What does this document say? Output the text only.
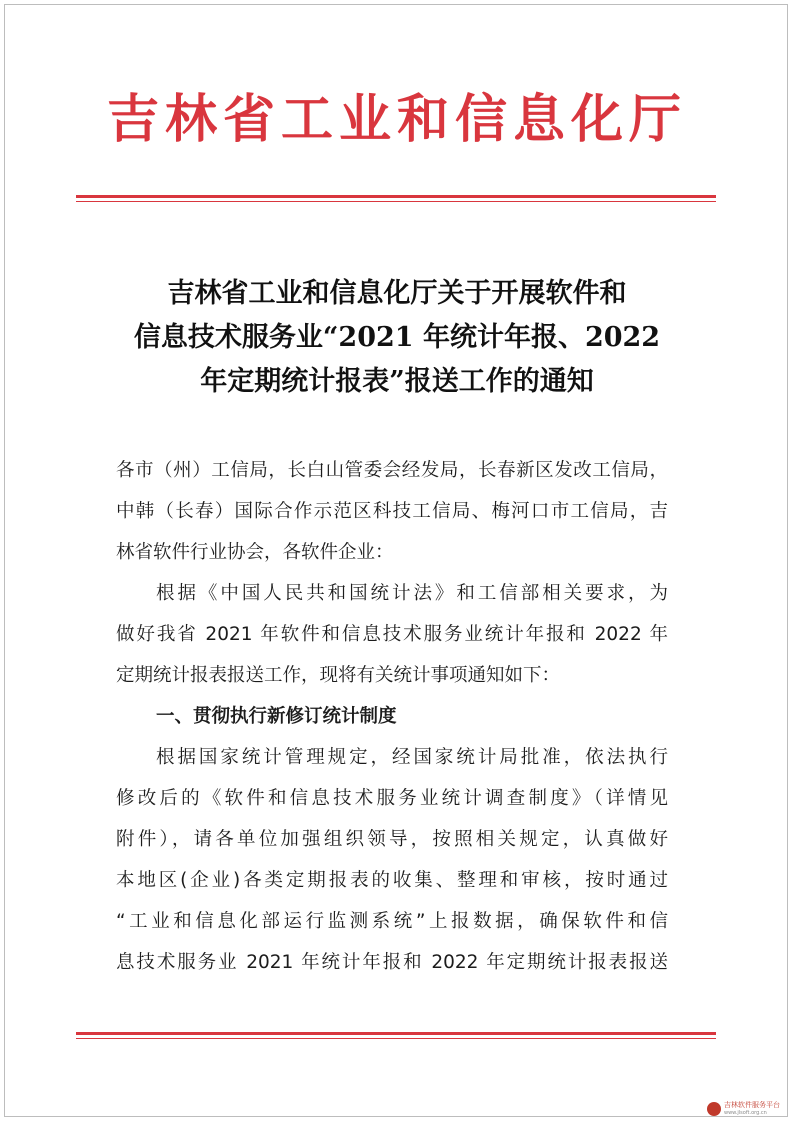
吉林省工业和信息化厅
吉林省工业和信息化厅关于开展软件和
信息技术服务业“2021 年统计年报、2022
年定期统计报表”报送工作的通知
各市（州）工信局，长白山管委会经发局，长春新区发改工信局，
中韩（长春）国际合作示范区科技工信局、梅河口市工信局，吉
林省软件行业协会，各软件企业：
根据《中国人民共和国统计法》和工信部相关要求，为
做好我省 2021 年软件和信息技术服务业统计年报和 2022 年
定期统计报表报送工作，现将有关统计事项通知如下：
一、贯彻执行新修订统计制度
根据国家统计管理规定，经国家统计局批准，依法执行
修改后的《软件和信息技术服务业统计调查制度》（详情见
附件），请各单位加强组织领导，按照相关规定，认真做好
本地区(企业)各类定期报表的收集、整理和审核，按时通过
“工业和信息化部运行监测系统”上报数据，确保软件和信
息技术服务业 2021 年统计年报和 2022 年定期统计报表报送
吉林软件服务平台
www.jlsoft.org.cn
